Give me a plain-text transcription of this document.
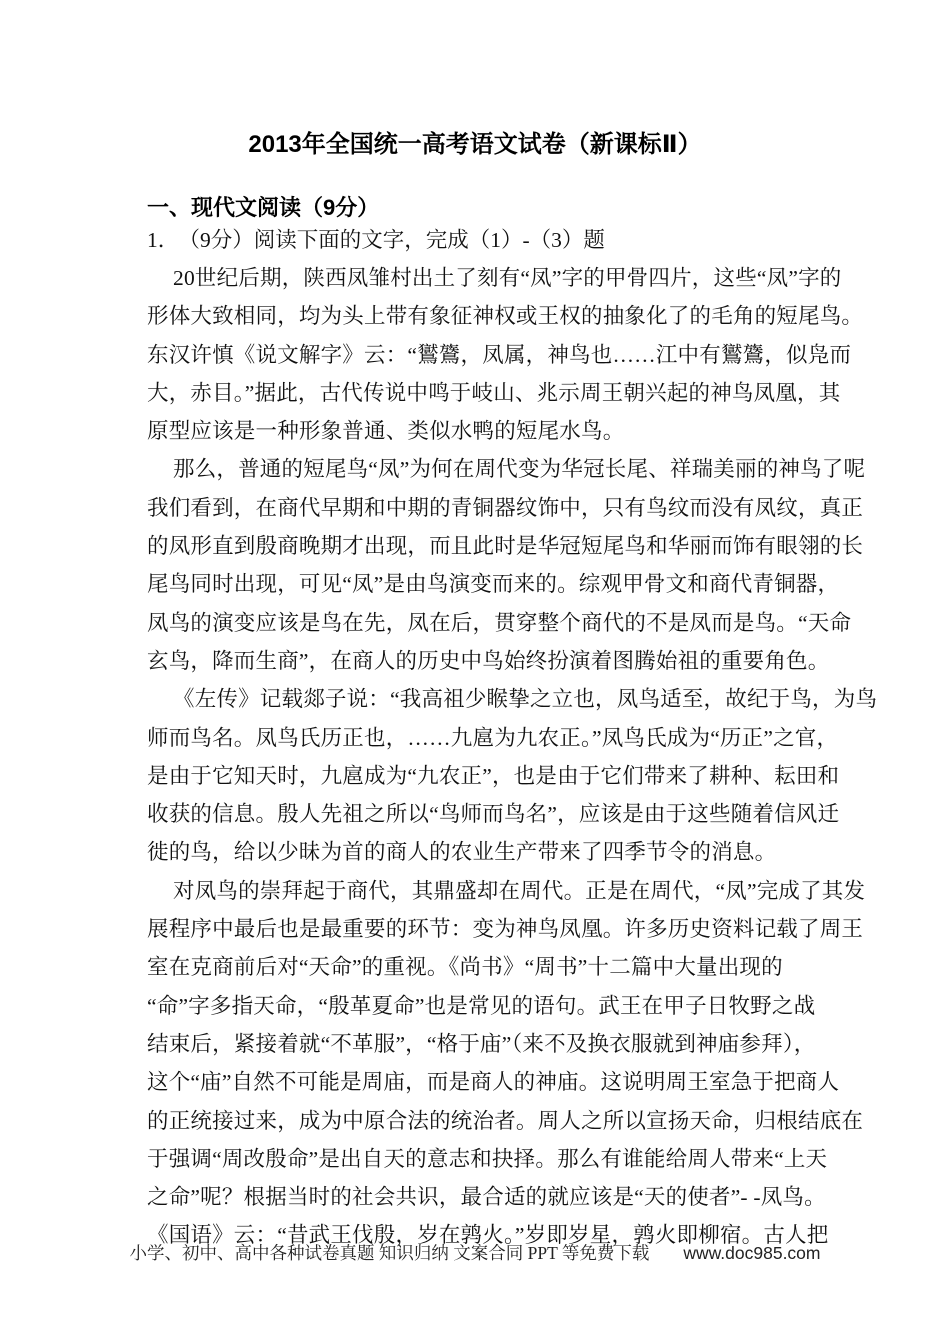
2013年全国统一高考语文试卷（新课标Ⅱ）
一、现代文阅读（9分）
1． （9分）阅读下面的文字，完成（1）-（3）题
20世纪后期，陕西凤雏村出土了刻有“凤”字的甲骨四片，这些“凤”字的
形体大致相同，均为头上带有象征神权或王权的抽象化了的毛角的短尾鸟。
东汉许慎《说文解字》云：“鸑鷟，凤属，神鸟也……江中有鸑鷟，似凫而
大，赤目。”据此，古代传说中鸣于岐山、兆示周王朝兴起的神鸟凤凰，其
原型应该是一种形象普通、类似水鸭的短尾水鸟。
那么，普通的短尾鸟“凤”为何在周代变为华冠长尾、祥瑞美丽的神鸟了呢
我们看到，在商代早期和中期的青铜器纹饰中，只有鸟纹而没有凤纹，真正
的凤形直到殷商晚期才出现，而且此时是华冠短尾鸟和华丽而饰有眼翎的长
尾鸟同时出现，可见“凤”是由鸟演变而来的。综观甲骨文和商代青铜器，
凤鸟的演变应该是鸟在先，凤在后，贯穿整个商代的不是凤而是鸟。“天命
玄鸟，降而生商”，在商人的历史中鸟始终扮演着图腾始祖的重要角色。
《左传》记载郯子说：“我高祖少睺挚之立也，凤鸟适至，故纪于鸟，为鸟
师而鸟名。凤鸟氏历正也，……九扈为九农正。”凤鸟氏成为“历正”之官，
是由于它知天时，九扈成为“九农正”，也是由于它们带来了耕种、耘田和
收获的信息。殷人先祖之所以“鸟师而鸟名”，应该是由于这些随着信风迁
徙的鸟，给以少昧为首的商人的农业生产带来了四季节令的消息。
对凤鸟的崇拜起于商代，其鼎盛却在周代。正是在周代，“凤”完成了其发
展程序中最后也是最重要的环节：变为神鸟凤凰。许多历史资料记载了周王
室在克商前后对“天命”的重视。《尚书》“周书”十二篇中大量出现的
“命”字多指天命，“殷革夏命”也是常见的语句。武王在甲子日牧野之战
结束后，紧接着就“不革服”，“格于庙”（来不及换衣服就到神庙参拜），
这个“庙”自然不可能是周庙，而是商人的神庙。这说明周王室急于把商人
的正统接过来，成为中原合法的统治者。周人之所以宣扬天命，归根结底在
于强调“周改殷命”是出自天的意志和抉择。那么有谁能给周人带来“上天
之命”呢？根据当时的社会共识，最合适的就应该是“天的使者”- -凤鸟。
《国语》云：“昔武王伐殷，岁在鹑火。”岁即岁星，鹑火即柳宿。古人把
小学、初中、高中各种试卷真题 知识归纳 文案合同 PPT 等免费下载 www.doc985.com
